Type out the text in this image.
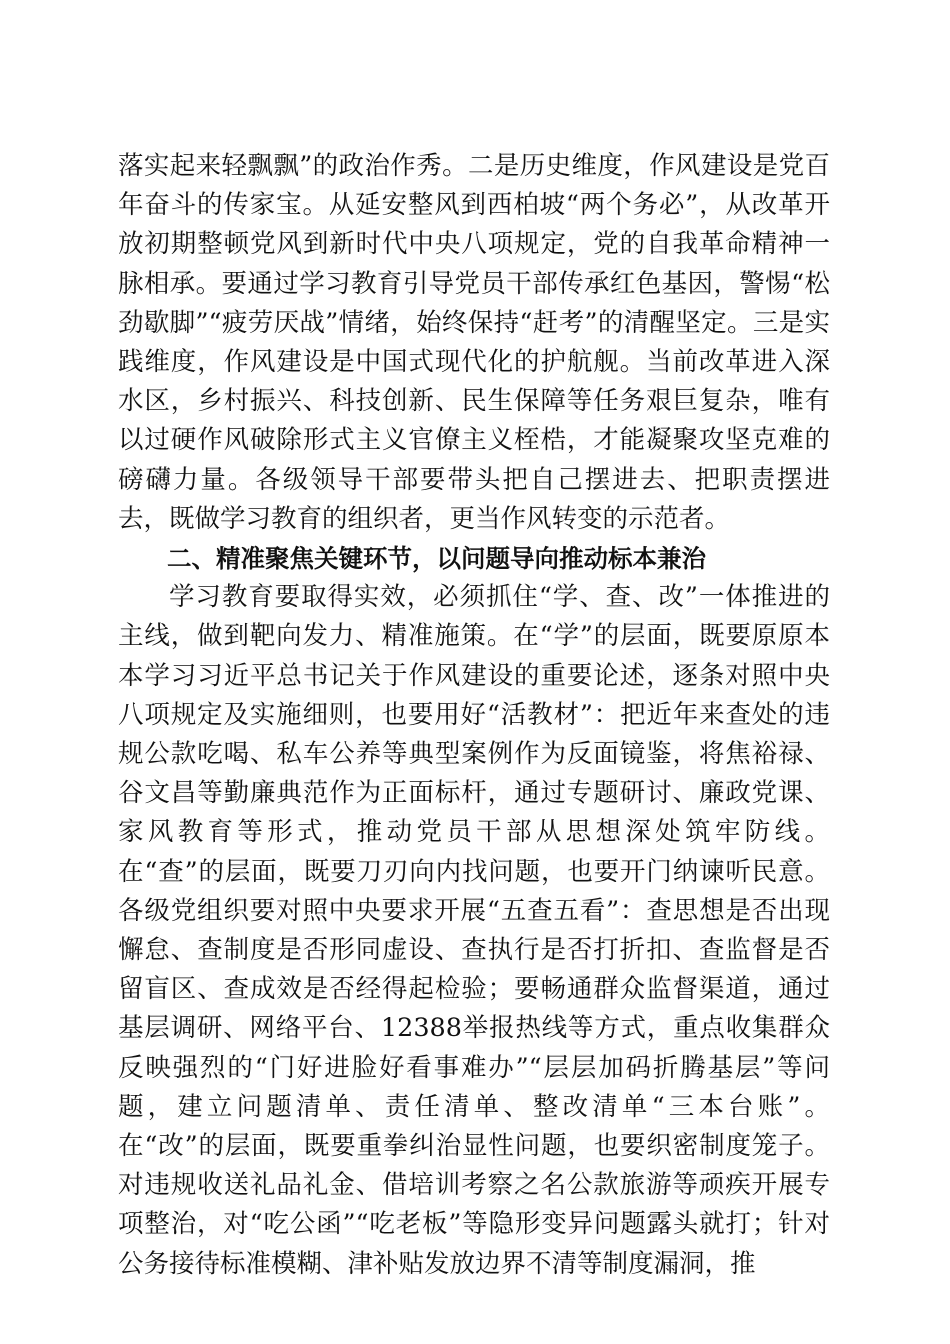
落实起来轻飘飘”的政治作秀。二是历史维度，作风建设是党百年奋斗的传家宝。从延安整风到西柏坡“两个务必”，从改革开放初期整顿党风到新时代中央八项规定，党的自我革命精神一脉相承。要通过学习教育引导党员干部传承红色基因，警惕“松劲歇脚”“疲劳厌战”情绪，始终保持“赶考”的清醒坚定。三是实践维度，作风建设是中国式现代化的护航舰。当前改革进入深水区，乡村振兴、科技创新、民生保障等任务艰巨复杂，唯有以过硬作风破除形式主义官僚主义桎梏，才能凝聚攻坚克难的磅礴力量。各级领导干部要带头把自己摆进去、把职责摆进去，既做学习教育的组织者，更当作风转变的示范者。

二、精准聚焦关键环节，以问题导向推动标本兼治

学习教育要取得实效，必须抓住“学、查、改”一体推进的主线，做到靶向发力、精准施策。在“学”的层面，既要原原本本学习习近平总书记关于作风建设的重要论述，逐条对照中央八项规定及实施细则，也要用好“活教材”：把近年来查处的违规公款吃喝、私车公养等典型案例作为反面镜鉴，将焦裕禄、谷文昌等勤廉典范作为正面标杆，通过专题研讨、廉政党课、家风教育等形式，推动党员干部从思想深处筑牢防线。在“查”的层面，既要刀刃向内找问题，也要开门纳谏听民意。各级党组织要对照中央要求开展“五查五看”：查思想是否出现懈怠、查制度是否形同虚设、查执行是否打折扣、查监督是否留盲区、查成效是否经得起检验；要畅通群众监督渠道，通过基层调研、网络平台、12388举报热线等方式，重点收集群众反映强烈的“门好进脸好看事难办”“层层加码折腾基层”等问题，建立问题清单、责任清单、整改清单“三本台账”。在“改”的层面，既要重拳纠治显性问题，也要织密制度笼子。对违规收送礼品礼金、借培训考察之名公款旅游等顽疾开展专项整治，对“吃公函”“吃老板”等隐形变异问题露头就打；针对公务接待标准模糊、津补贴发放边界不清等制度漏洞，推
